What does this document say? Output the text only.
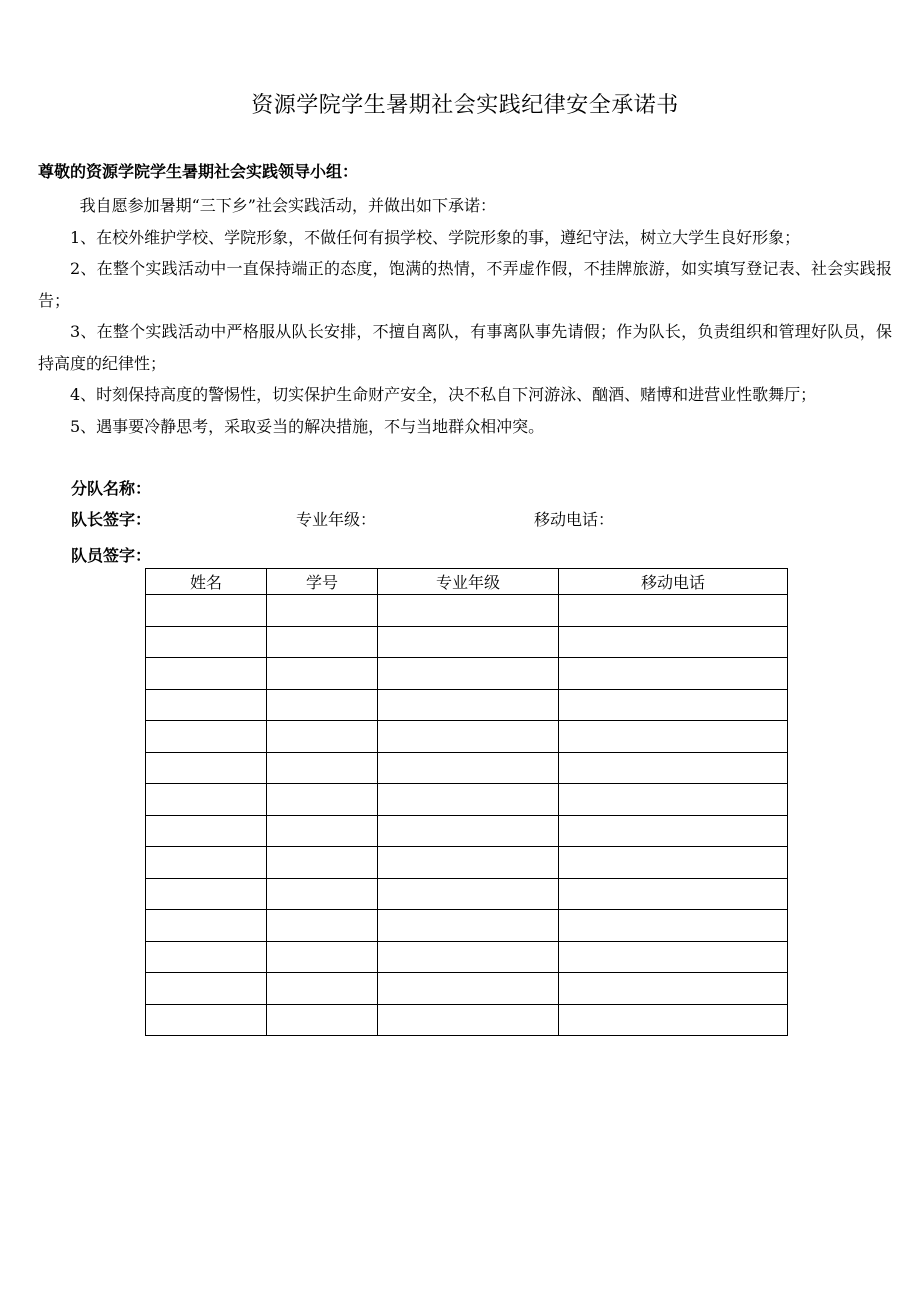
资源学院学生暑期社会实践纪律安全承诺书
尊敬的资源学院学生暑期社会实践领导小组：

我自愿参加暑期“三下乡”社会实践活动，并做出如下承诺：

1、在校外维护学校、学院形象，不做任何有损学校、学院形象的事，遵纪守法，树立大学生良好形象；

2、在整个实践活动中一直保持端正的态度，饱满的热情，不弄虚作假，不挂牌旅游，如实填写登记表、社会实践报告；

3、在整个实践活动中严格服从队长安排，不擅自离队，有事离队事先请假；作为队长，负责组织和管理好队员，保持高度的纪律性；

4、时刻保持高度的警惕性，切实保护生命财产安全，决不私自下河游泳、酗酒、赌博和进营业性歌舞厅；

5、遇事要冷静思考，采取妥当的解决措施，不与当地群众相冲突。

分队名称：
队长签字：	专业年级：	移动电话：
队员签字：
姓名	学号	专业年级	移动电话
